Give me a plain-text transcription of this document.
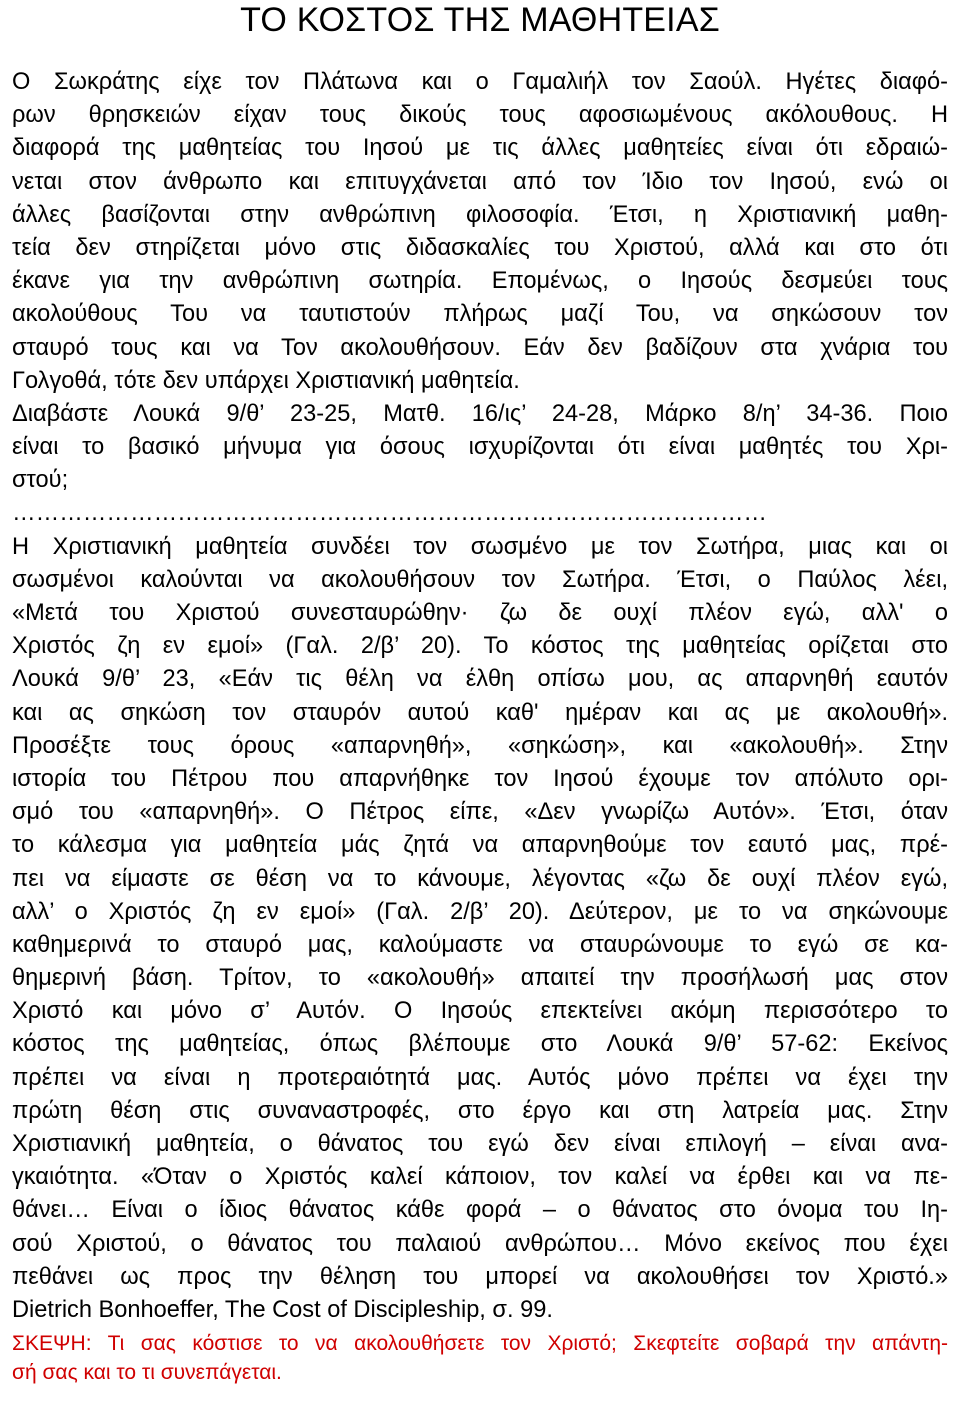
ΤΟ ΚΟΣΤΟΣ ΤΗΣ ΜΑΘΗΤΕΙΑΣ
Ο Σωκράτης είχε τον Πλάτωνα και ο Γαμαλιήλ τον Σαούλ. Ηγέτες διαφό-
ρων θρησκειών είχαν τους δικούς τους αφοσιωμένους ακόλουθους. Η
διαφορά της μαθητείας του Ιησού με τις άλλες μαθητείες είναι ότι εδραιώ-
νεται στον άνθρωπο και επιτυγχάνεται από τον Ίδιο τον Ιησού, ενώ οι
άλλες βασίζονται στην ανθρώπινη φιλοσοφία. Έτσι, η Χριστιανική μαθη-
τεία δεν στηρίζεται μόνο στις διδασκαλίες του Χριστού, αλλά και στο ότι
έκανε για την ανθρώπινη σωτηρία. Επομένως, ο Ιησούς δεσμεύει τους
ακολούθους Του να ταυτιστούν πλήρως μαζί Του, να σηκώσουν τον
σταυρό τους και να Τον ακολουθήσουν. Εάν δεν βαδίζουν στα χνάρια του
Γολγοθά, τότε δεν υπάρχει Χριστιανική μαθητεία.
Διαβάστε Λουκά 9/θ’ 23-25, Ματθ. 16/ις’ 24-28, Μάρκο 8/η’ 34-36. Ποιο
είναι το βασικό μήνυμα για όσους ισχυρίζονται ότι είναι μαθητές του Χρι-
στού;
……………………………………………………………………………………
Η Χριστιανική μαθητεία συνδέει τον σωσμένο με τον Σωτήρα, μιας και οι
σωσμένοι καλούνται να ακολουθήσουν τον Σωτήρα. Έτσι, ο Παύλος λέει,
«Μετά του Χριστού συνεσταυρώθην· ζω δε ουχί πλέον εγώ, αλλ' ο
Χριστός ζη εν εμοί» (Γαλ. 2/β’ 20). Το κόστος της μαθητείας ορίζεται στο
Λουκά 9/θ’ 23, «Εάν τις θέλη να έλθη οπίσω μου, ας απαρνηθή εαυτόν
και ας σηκώση τον σταυρόν αυτού καθ' ημέραν και ας με ακολουθή».
Προσέξτε τους όρους «απαρνηθή», «σηκώση», και «ακολουθή». Στην
ιστορία του Πέτρου που απαρνήθηκε τον Ιησού έχουμε τον απόλυτο ορι-
σμό του «απαρνηθή». Ο Πέτρος είπε, «Δεν γνωρίζω Αυτόν». Έτσι, όταν
το κάλεσμα για μαθητεία μάς ζητά να απαρνηθούμε τον εαυτό μας, πρέ-
πει να είμαστε σε θέση να το κάνουμε, λέγοντας «ζω δε ουχί πλέον εγώ,
αλλ’ ο Χριστός ζη εν εμοί» (Γαλ. 2/β’ 20). Δεύτερον, με το να σηκώνουμε
καθημερινά το σταυρό μας, καλούμαστε να σταυρώνουμε το εγώ σε κα-
θημερινή βάση. Τρίτον, το «ακολουθή» απαιτεί την προσήλωσή μας στον
Χριστό και μόνο σ’ Αυτόν. Ο Ιησούς επεκτείνει ακόμη περισσότερο το
κόστος της μαθητείας, όπως βλέπουμε στο Λουκά 9/θ’ 57-62: Εκείνος
πρέπει να είναι η προτεραιότητά μας. Αυτός μόνο πρέπει να έχει την
πρώτη θέση στις συναναστροφές, στο έργο και στη λατρεία μας. Στην
Χριστιανική μαθητεία, ο θάνατος του εγώ δεν είναι επιλογή – είναι ανα-
γκαιότητα. «Όταν ο Χριστός καλεί κάποιον, τον καλεί να έρθει και να πε-
θάνει… Είναι ο ίδιος θάνατος κάθε φορά – ο θάνατος στο όνομα του Ιη-
σού Χριστού, ο θάνατος του παλαιού ανθρώπου… Μόνο εκείνος που έχει
πεθάνει ως προς την θέληση του μπορεί να ακολουθήσει τον Χριστό.»
Dietrich Bonhoeffer, The Cost of Discipleship, σ. 99.
ΣΚΕΨΗ: Τι σας κόστισε το να ακολουθήσετε τον Χριστό; Σκεφτείτε σοβαρά την απάντη-
σή σας και το τι συνεπάγεται.
